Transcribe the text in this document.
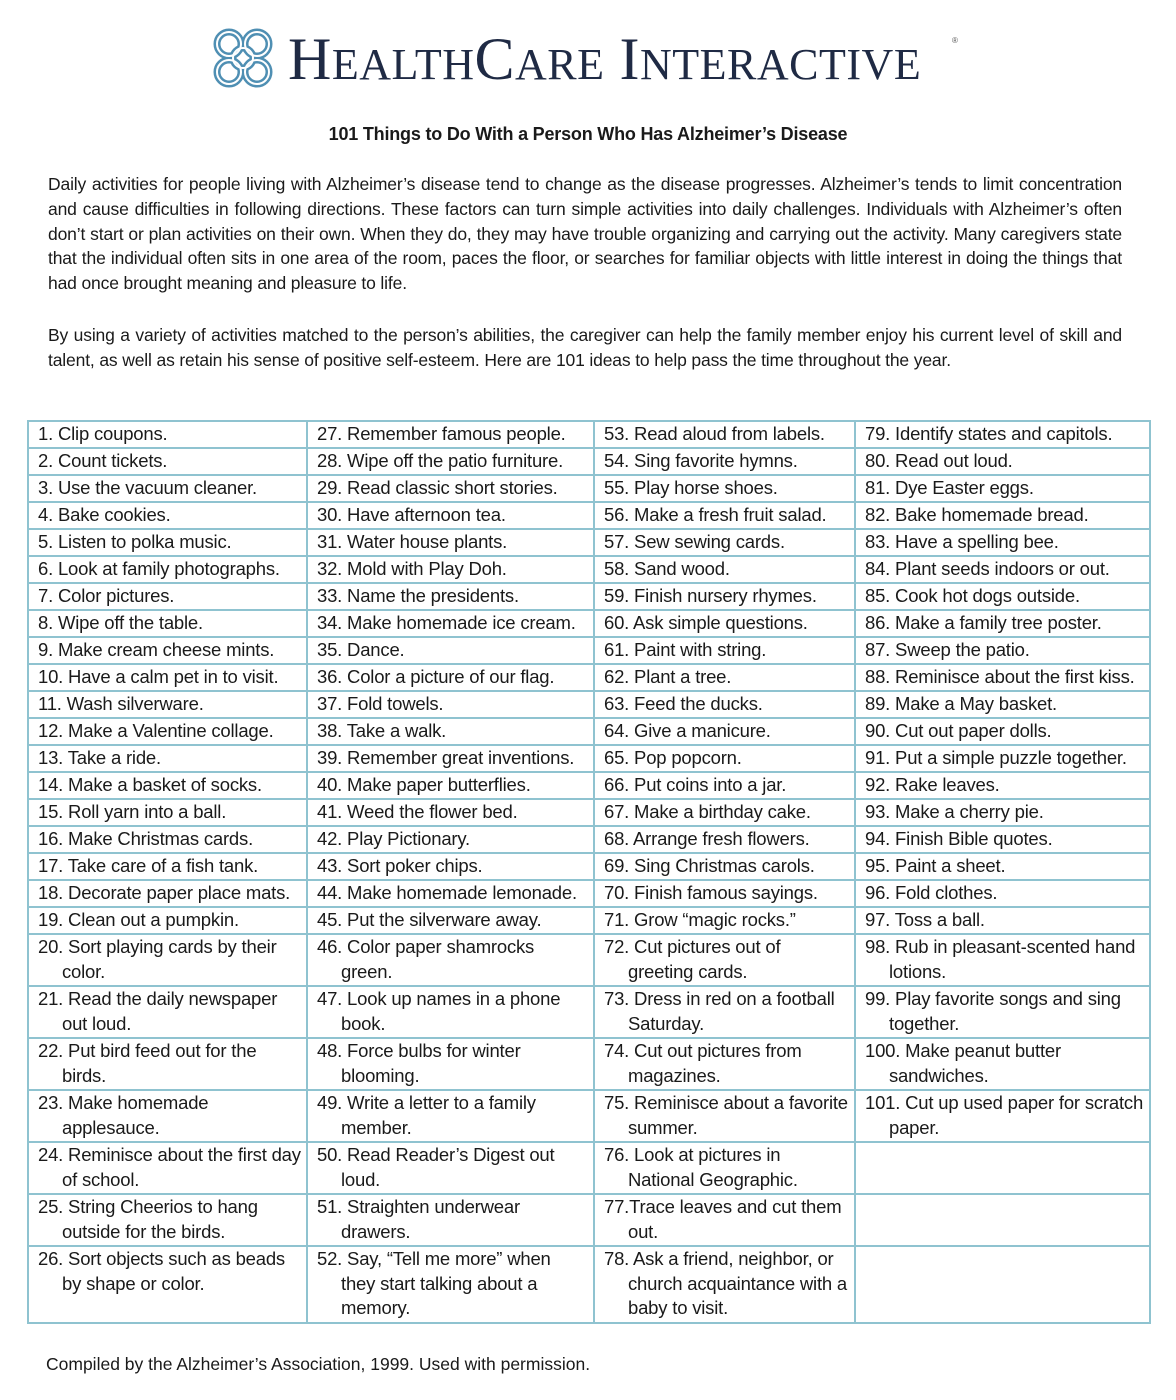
HEALTHCARE INTERACTIVE	®
101 Things to Do With a Person Who Has Alzheimer’s Disease
Daily activities for people living with Alzheimer’s disease tend to change as the disease progresses. Alzheimer’s tends to limit concentration and cause difficulties in following directions. These factors can turn simple activities into daily challenges. Individuals with Alzheimer’s often don’t start or plan activities on their own. When they do, they may have trouble organizing and carrying out the activity. Many caregivers state that the individual often sits in one area of the room, paces the floor, or searches for familiar objects with little interest in doing the things that had once brought meaning and pleasure to life.
By using a variety of activities matched to the person’s abilities, the caregiver can help the family member enjoy his current level of skill and talent, as well as retain his sense of positive self-esteem. Here are 101 ideas to help pass the time throughout the year.
1. Clip coupons.	27. Remember famous people.	53. Read aloud from labels.	79. Identify states and capitols.

2. Count tickets.	28. Wipe off the patio furniture.	54. Sing favorite hymns.	80. Read out loud.

3. Use the vacuum cleaner.	29. Read classic short stories.	55. Play horse shoes.	81. Dye Easter eggs.

4. Bake cookies.	30. Have afternoon tea.	56. Make a fresh fruit salad.	82. Bake homemade bread.

5. Listen to polka music.	31. Water house plants.	57. Sew sewing cards.	83. Have a spelling bee.

6. Look at family photographs.	32. Mold with Play Doh.	58. Sand wood.	84. Plant seeds indoors or out.

7. Color pictures.	33. Name the presidents.	59. Finish nursery rhymes.	85. Cook hot dogs outside.

8. Wipe off the table.	34. Make homemade ice cream.	60. Ask simple questions.	86. Make a family tree poster.

9. Make cream cheese mints.	35. Dance.	61. Paint with string.	87. Sweep the patio.

10. Have a calm pet in to visit.	36. Color a picture of our flag.	62. Plant a tree.	88. Reminisce about the first kiss.

11. Wash silverware.	37. Fold towels.	63. Feed the ducks.	89. Make a May basket.

12. Make a Valentine collage.	38. Take a walk.	64. Give a manicure.	90. Cut out paper dolls.

13. Take a ride.	39. Remember great inventions.	65. Pop popcorn.	91. Put a simple puzzle together.

14. Make a basket of socks.	40. Make paper butterflies.	66. Put coins into a jar.	92. Rake leaves.

15. Roll yarn into a ball.	41. Weed the flower bed.	67. Make a birthday cake.	93. Make a cherry pie.

16. Make Christmas cards.	42. Play Pictionary.	68. Arrange fresh flowers.	94. Finish Bible quotes.

17. Take care of a fish tank.	43. Sort poker chips.	69. Sing Christmas carols.	95. Paint a sheet.

18. Decorate paper place mats.	44. Make homemade lemonade.	70. Finish famous sayings.	96. Fold clothes.

19. Clean out a pumpkin.	45. Put the silverware away.	71. Grow “magic rocks.”	97. Toss a ball.

20. Sort playing cards by their color.	46. Color paper shamrocks green.	72. Cut pictures out of greeting cards.	98. Rub in pleasant-scented hand lotions.

21. Read the daily newspaper out loud.	47. Look up names in a phone book.	73. Dress in red on a football Saturday.	99. Play favorite songs and sing together.

22. Put bird feed out for the birds.	48. Force bulbs for winter blooming.	74. Cut out pictures from magazines.	100. Make peanut butter sandwiches.

23. Make homemade applesauce.	49. Write a letter to a family member.	75. Reminisce about a favorite summer.	101. Cut up used paper for scratch paper.

24. Reminisce about the first day of school.	50. Read Reader’s Digest out loud.	76. Look at pictures in National Geographic.	

25. String Cheerios to hang outside for the birds.	51. Straighten underwear drawers.	77.Trace leaves and cut them out.	

26. Sort objects such as beads by shape or color.	52. Say, “Tell me more” when they start talking about a memory.	78. Ask a friend, neighbor, or church acquaintance with a baby to visit.	

Compiled by the Alzheimer’s Association, 1999. Used with permission.
